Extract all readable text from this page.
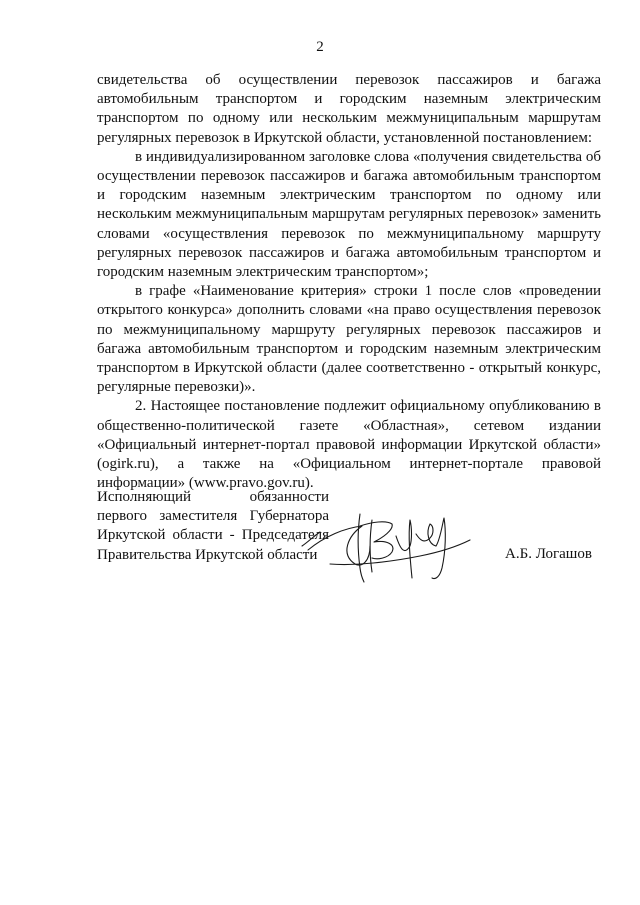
2

свидетельства об осуществлении перевозок пассажиров и багажа автомобильным транспортом и городским наземным электрическим транспортом по одному или нескольким межмуниципальным маршрутам регулярных перевозок в Иркутской области, установленной постановлением:

в индивидуализированном заголовке слова «получения свидетельства об осуществлении перевозок пассажиров и багажа автомобильным транспортом и городским наземным электрическим транспортом по одному или нескольким межмуниципальным маршрутам регулярных перевозок» заменить словами «осуществления перевозок по межмуниципальному маршруту регулярных перевозок пассажиров и багажа автомобильным транспортом и городским наземным электрическим транспортом»;

в графе «Наименование критерия» строки 1 после слов «проведении открытого конкурса» дополнить словами «на право осуществления перевозок по межмуниципальному маршруту регулярных перевозок пассажиров и багажа автомобильным транспортом и городским наземным электрическим транспортом в Иркутской области (далее соответственно - открытый конкурс, регулярные перевозки)».

2. Настоящее постановление подлежит официальному опубликованию в общественно-политической газете «Областная», сетевом издании «Официальный интернет-портал правовой информации Иркутской области» (ogirk.ru), а также на «Официальном интернет-портале правовой информации» (www.pravo.gov.ru).

Исполняющий обязанности
первого заместителя Губернатора
Иркутской области - Председателя
Правительства Иркутской области	А.Б. Логашов
